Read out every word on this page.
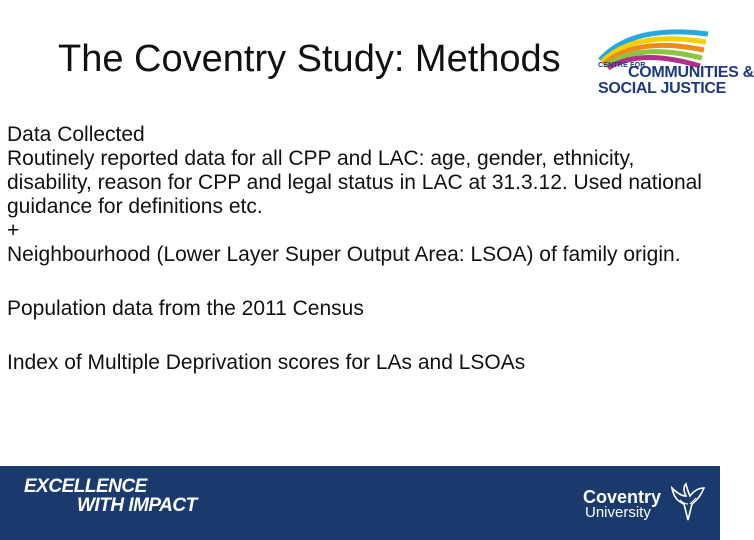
The Coventry Study: Methods	CENTRE FOR
COMMUNITIES &
SOCIAL JUSTICE

Data Collected

Routinely reported data for all CPP and LAC: age, gender, ethnicity, disability, reason for CPP and legal status in LAC at 31.3.12. Used national guidance for definitions etc.

+

Neighbourhood (Lower Layer Super Output Area: LSOA) of family origin.

Population data from the 2011 Census

Index of Multiple Deprivation scores for LAs and LSOAs

EXCELLENCE
WITH IMPACT	Coventry
University
